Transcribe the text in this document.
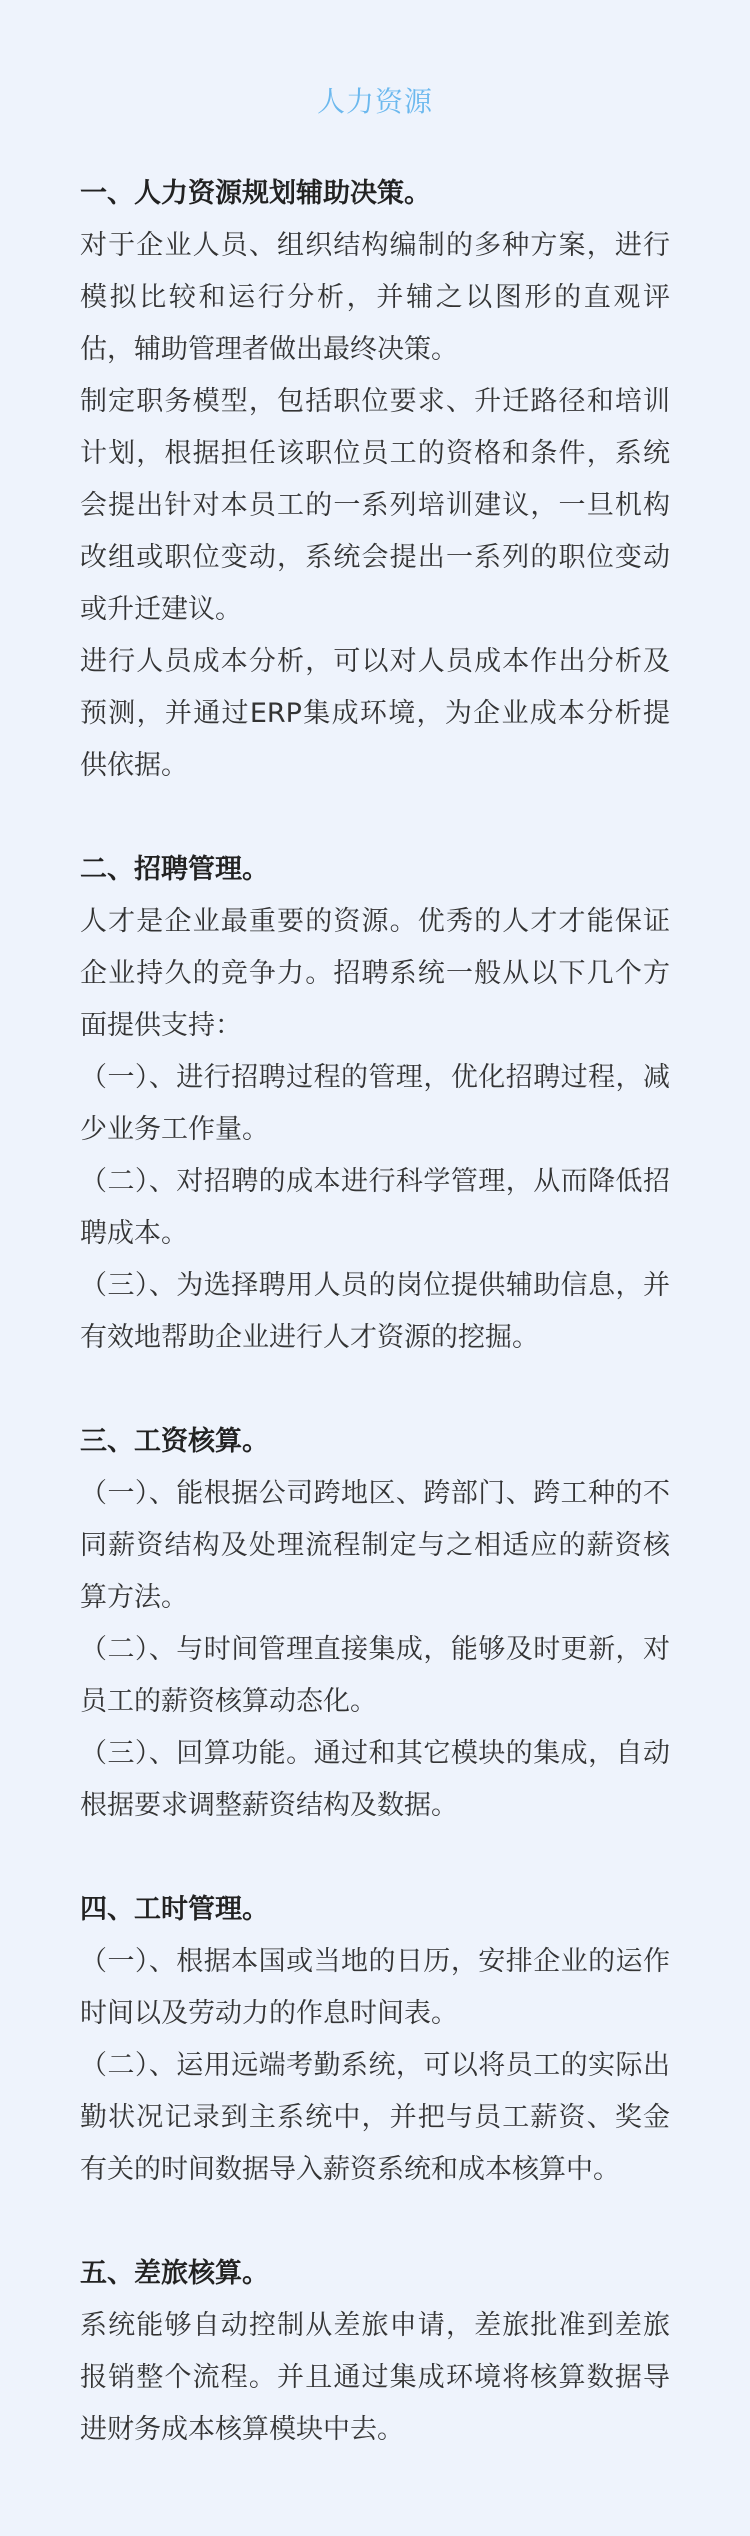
人力资源

一、人力资源规划辅助决策。

对于企业人员、组织结构编制的多种方案，进行模拟比较和运行分析，并辅之以图形的直观评估，辅助管理者做出最终决策。

制定职务模型，包括职位要求、升迁路径和培训计划，根据担任该职位员工的资格和条件，系统会提出针对本员工的一系列培训建议，一旦机构改组或职位变动，系统会提出一系列的职位变动或升迁建议。

进行人员成本分析，可以对人员成本作出分析及预测，并通过ERP集成环境，为企业成本分析提供依据。

二、招聘管理。

人才是企业最重要的资源。优秀的人才才能保证企业持久的竞争力。招聘系统一般从以下几个方面提供支持：

（一）、进行招聘过程的管理，优化招聘过程，减少业务工作量。

（二）、对招聘的成本进行科学管理，从而降低招聘成本。

（三）、为选择聘用人员的岗位提供辅助信息，并有效地帮助企业进行人才资源的挖掘。

三、工资核算。

（一）、能根据公司跨地区、跨部门、跨工种的不同薪资结构及处理流程制定与之相适应的薪资核算方法。

（二）、与时间管理直接集成，能够及时更新，对员工的薪资核算动态化。

（三）、回算功能。通过和其它模块的集成，自动根据要求调整薪资结构及数据。

四、工时管理。

（一）、根据本国或当地的日历，安排企业的运作时间以及劳动力的作息时间表。

（二）、运用远端考勤系统，可以将员工的实际出勤状况记录到主系统中，并把与员工薪资、奖金有关的时间数据导入薪资系统和成本核算中。

五、差旅核算。

系统能够自动控制从差旅申请，差旅批准到差旅报销整个流程。并且通过集成环境将核算数据导进财务成本核算模块中去。
